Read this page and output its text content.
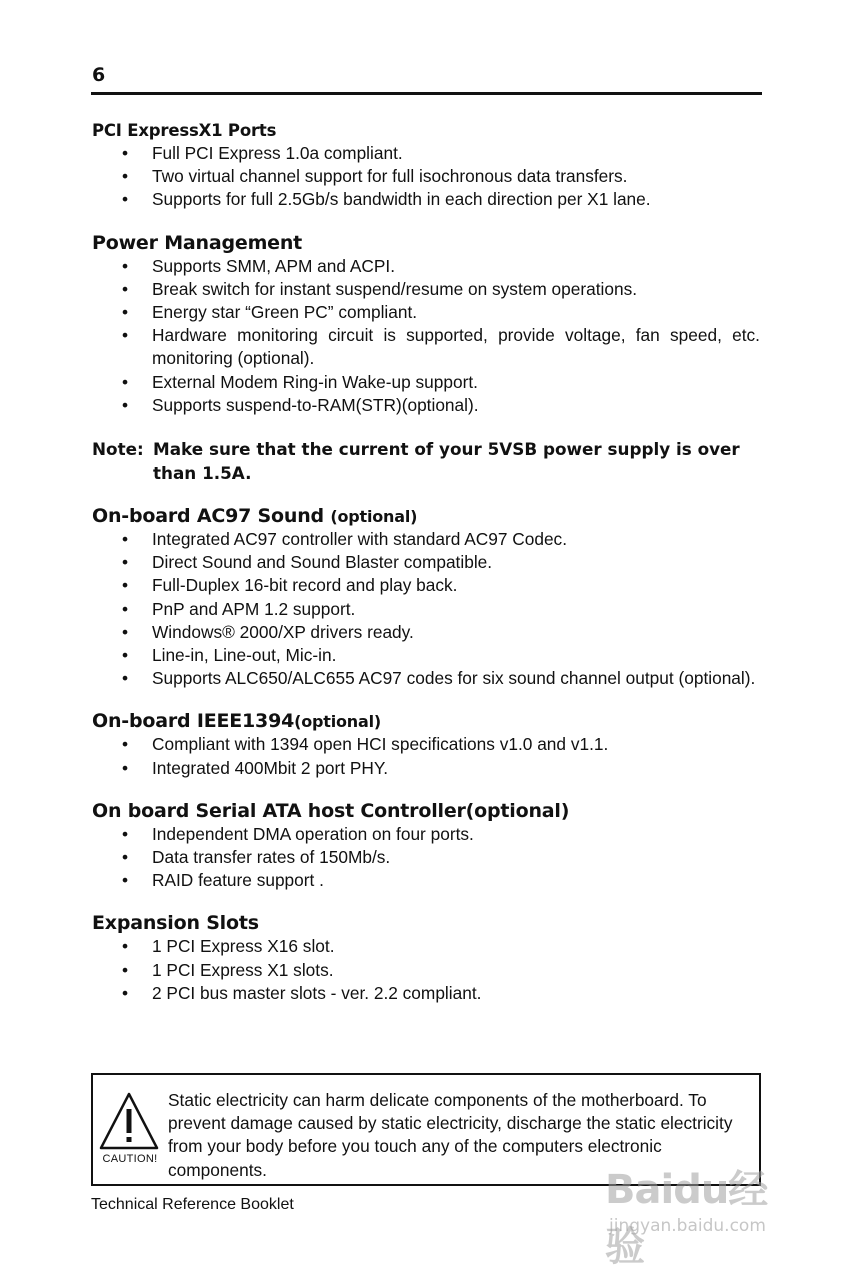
6
PCI ExpressX1 Ports
• Full PCI Express 1.0a compliant.
• Two virtual channel support for full isochronous data transfers.
• Supports for full 2.5Gb/s bandwidth in each direction per X1 lane.
Power Management
• Supports SMM, APM and ACPI.
• Break switch for instant suspend/resume on system operations.
• Energy star “Green PC” compliant.
• Hardware monitoring circuit is supported, provide voltage, fan speed, etc. monitoring (optional).
• External Modem Ring-in Wake-up support.
• Supports suspend-to-RAM(STR)(optional).
Note: Make sure that the current of your 5VSB power supply is over than 1.5A.
On-board AC97 Sound (optional)
• Integrated AC97 controller with standard AC97 Codec.
• Direct Sound and Sound Blaster compatible.
• Full-Duplex 16-bit record and play back.
• PnP and APM 1.2 support.
• Windows® 2000/XP drivers ready.
• Line-in, Line-out, Mic-in.
• Supports ALC650/ALC655 AC97 codes for six sound channel output (optional).
On-board IEEE1394(optional)
• Compliant with 1394 open HCI specifications v1.0 and v1.1.
• Integrated 400Mbit 2 port PHY.
On board Serial ATA host Controller(optional)
• Independent DMA operation on four ports.
• Data transfer rates of 150Mb/s.
• RAID feature support .
Expansion Slots
• 1 PCI Express X16 slot.
• 1 PCI Express X1 slots.
• 2 PCI bus master slots - ver. 2.2 compliant.
CAUTION!
Static electricity can harm delicate components of the motherboard. To prevent damage caused by static electricity, discharge the static electricity from your body before you touch any of the computers electronic components.
Technical Reference Booklet	Baidu经验
jingyan.baidu.com
